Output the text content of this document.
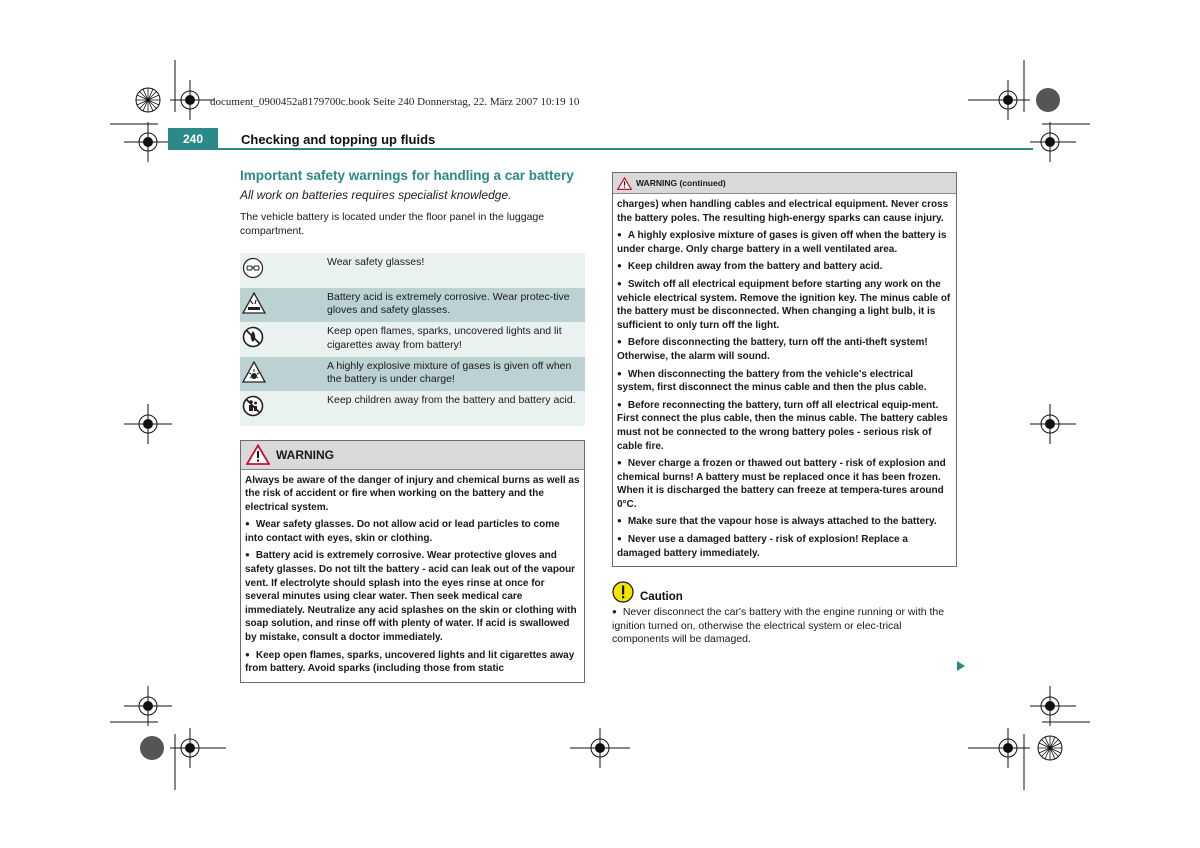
document_0900452a8179700c.book Seite 240 Donnerstag, 22. März 2007 10:19 10
240	Checking and topping up fluids
Important safety warnings for handling a car battery

All work on batteries requires specialist knowledge.

The vehicle battery is located under the floor panel in the luggage compartment.

	Wear safety glasses!
	Battery acid is extremely corrosive. Wear protec-tive gloves and safety glasses.
	Keep open flames, sparks, uncovered lights and lit cigarettes away from battery!
	A highly explosive mixture of gases is given off when the battery is under charge!
	Keep children away from the battery and battery acid.
WARNING

Always be aware of the danger of injury and chemical burns as well as the risk of accident or fire when working on the battery and the electrical system.

● Wear safety glasses. Do not allow acid or lead particles to come into contact with eyes, skin or clothing.

● Battery acid is extremely corrosive. Wear protective gloves and safety glasses. Do not tilt the battery - acid can leak out of the vapour vent. If electrolyte should splash into the eyes rinse at once for several minutes using clear water. Then seek medical care immediately. Neutralize any acid splashes on the skin or clothing with soap solution, and rinse off with plenty of water. If acid is swallowed by mistake, consult a doctor immediately.

● Keep open flames, sparks, uncovered lights and lit cigarettes away from battery. Avoid sparks (including those from static

WARNING (continued)

charges) when handling cables and electrical equipment. Never cross the battery poles. The resulting high-energy sparks can cause injury.

● A highly explosive mixture of gases is given off when the battery is under charge. Only charge battery in a well ventilated area.

● Keep children away from the battery and battery acid.

● Switch off all electrical equipment before starting any work on the vehicle electrical system. Remove the ignition key. The minus cable of the battery must be disconnected. When changing a light bulb, it is sufficient to only turn off the light.

● Before disconnecting the battery, turn off the anti-theft system! Otherwise, the alarm will sound.

● When disconnecting the battery from the vehicle's electrical system, first disconnect the minus cable and then the plus cable.

● Before reconnecting the battery, turn off all electrical equip-ment. First connect the plus cable, then the minus cable. The battery cables must not be connected to the wrong battery poles - serious risk of cable fire.

● Never charge a frozen or thawed out battery - risk of explosion and chemical burns! A battery must be replaced once it has been frozen. When it is discharged the battery can freeze at tempera-tures around 0°C.

● Make sure that the vapour hose is always attached to the battery.

● Never use a damaged battery - risk of explosion! Replace a damaged battery immediately.

Caution
● Never disconnect the car's battery with the engine running or with the ignition turned on, otherwise the electrical system or elec-trical components will be damaged.
